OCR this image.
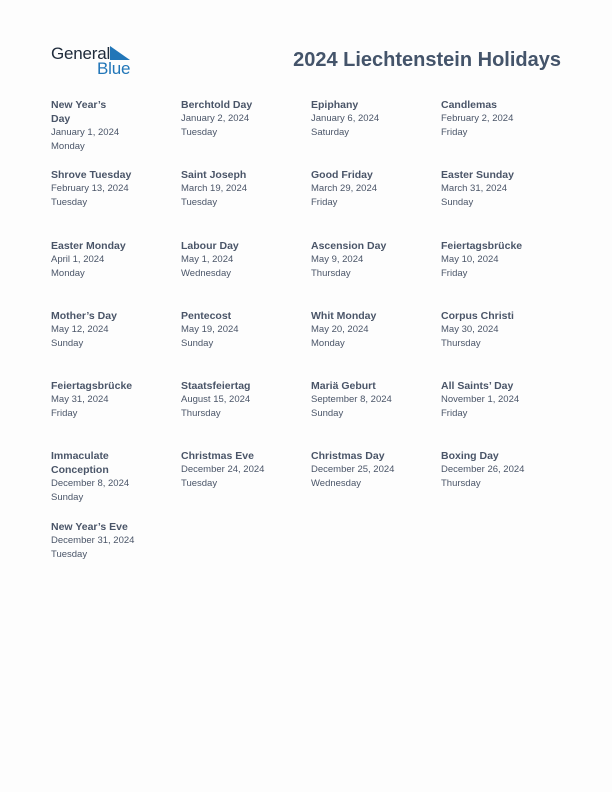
General
Blue	2024 Liechtenstein Holidays
New Year’s Day
January 1, 2024
Monday
Berchtold Day
January 2, 2024
Tuesday
Epiphany
January 6, 2024
Saturday
Candlemas
February 2, 2024
Friday
Shrove Tuesday
February 13, 2024
Tuesday
Saint Joseph
March 19, 2024
Tuesday
Good Friday
March 29, 2024
Friday
Easter Sunday
March 31, 2024
Sunday
Easter Monday
April 1, 2024
Monday
Labour Day
May 1, 2024
Wednesday
Ascension Day
May 9, 2024
Thursday
Feiertagsbrücke
May 10, 2024
Friday
Mother’s Day
May 12, 2024
Sunday
Pentecost
May 19, 2024
Sunday
Whit Monday
May 20, 2024
Monday
Corpus Christi
May 30, 2024
Thursday
Feiertagsbrücke
May 31, 2024
Friday
Staatsfeiertag
August 15, 2024
Thursday
Mariä Geburt
September 8, 2024
Sunday
All Saints’ Day
November 1, 2024
Friday
Immaculate Conception
December 8, 2024
Sunday
Christmas Eve
December 24, 2024
Tuesday
Christmas Day
December 25, 2024
Wednesday
Boxing Day
December 26, 2024
Thursday
New Year’s Eve
December 31, 2024
Tuesday
